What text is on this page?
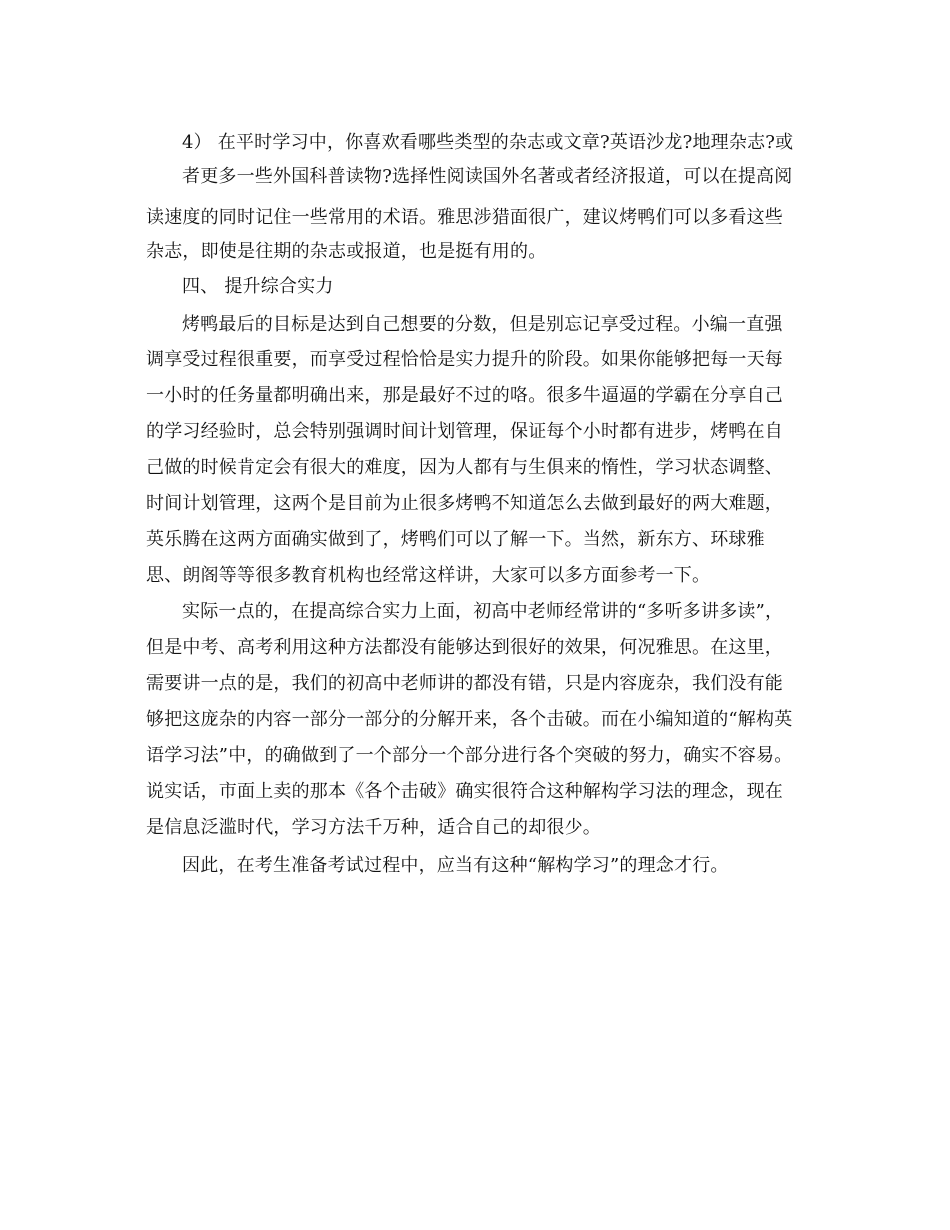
4） 在平时学习中，你喜欢看哪些类型的杂志或文章?英语沙龙?地理杂志?或
者更多一些外国科普读物?选择性阅读国外名著或者经济报道，可以在提高阅
读速度的同时记住一些常用的术语。雅思涉猎面很广，建议烤鸭们可以多看这些
杂志，即使是往期的杂志或报道，也是挺有用的。
四、 提升综合实力
烤鸭最后的目标是达到自己想要的分数，但是别忘记享受过程。小编一直强
调享受过程很重要，而享受过程恰恰是实力提升的阶段。如果你能够把每一天每
一小时的任务量都明确出来，那是最好不过的咯。很多牛逼逼的学霸在分享自己
的学习经验时，总会特别强调时间计划管理，保证每个小时都有进步，烤鸭在自
己做的时候肯定会有很大的难度，因为人都有与生俱来的惰性，学习状态调整、
时间计划管理，这两个是目前为止很多烤鸭不知道怎么去做到最好的两大难题，
英乐腾在这两方面确实做到了，烤鸭们可以了解一下。当然，新东方、环球雅
思、朗阁等等很多教育机构也经常这样讲，大家可以多方面参考一下。
实际一点的，在提高综合实力上面，初高中老师经常讲的“多听多讲多读”，
但是中考、高考利用这种方法都没有能够达到很好的效果，何况雅思。在这里，
需要讲一点的是，我们的初高中老师讲的都没有错，只是内容庞杂，我们没有能
够把这庞杂的内容一部分一部分的分解开来，各个击破。而在小编知道的“解构英
语学习法”中，的确做到了一个部分一个部分进行各个突破的努力，确实不容易。
说实话，市面上卖的那本《各个击破》确实很符合这种解构学习法的理念，现在
是信息泛滥时代，学习方法千万种，适合自己的却很少。
因此，在考生准备考试过程中，应当有这种“解构学习”的理念才行。
